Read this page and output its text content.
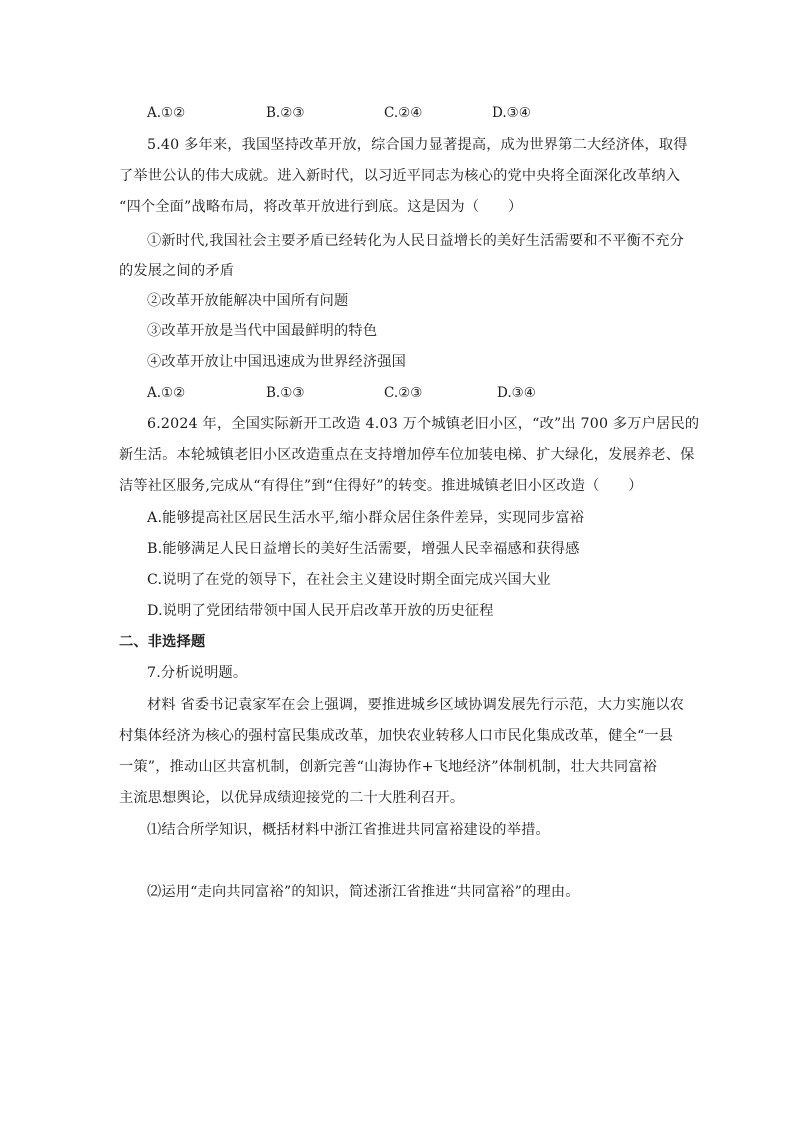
A.①②	B.②③	C.②④	D.③④
5.40 多年来，我国坚持改革开放，综合国力显著提高，成为世界第二大经济体，取得
了举世公认的伟大成就。进入新时代，以习近平同志为核心的党中央将全面深化改革纳入
“四个全面”战略布局，将改革开放进行到底。这是因为（　　）
①新时代,我国社会主要矛盾已经转化为人民日益增长的美好生活需要和不平衡不充分
的发展之间的矛盾
②改革开放能解决中国所有问题
③改革开放是当代中国最鲜明的特色
④改革开放让中国迅速成为世界经济强国
A.①②	B.①③	C.②③	D.③④
6.2024 年，全国实际新开工改造 4.03 万个城镇老旧小区，“改”出 700 多万户居民的
新生活。本轮城镇老旧小区改造重点在支持增加停车位加装电梯、扩大绿化，发展养老、保
洁等社区服务,完成从“有得住”到“住得好”的转变。推进城镇老旧小区改造（　　）
A.能够提高社区居民生活水平,缩小群众居住条件差异，实现同步富裕
B.能够满足人民日益增长的美好生活需要，增强人民幸福感和获得感
C.说明了在党的领导下，在社会主义建设时期全面完成兴国大业
D.说明了党团结带领中国人民开启改革开放的历史征程
二、非选择题
7.分析说明题。
材料 省委书记袁家军在会上强调，要推进城乡区域协调发展先行示范，大力实施以农
村集体经济为核心的强村富民集成改革，加快农业转移人口市民化集成改革，健全“一县
一策”，推动山区共富机制，创新完善“山海协作+飞地经济”体制机制，壮大共同富裕
主流思想舆论，以优异成绩迎接党的二十大胜利召开。
⑴结合所学知识，概括材料中浙江省推进共同富裕建设的举措。
⑵运用“走向共同富裕”的知识，简述浙江省推进“共同富裕”的理由。
